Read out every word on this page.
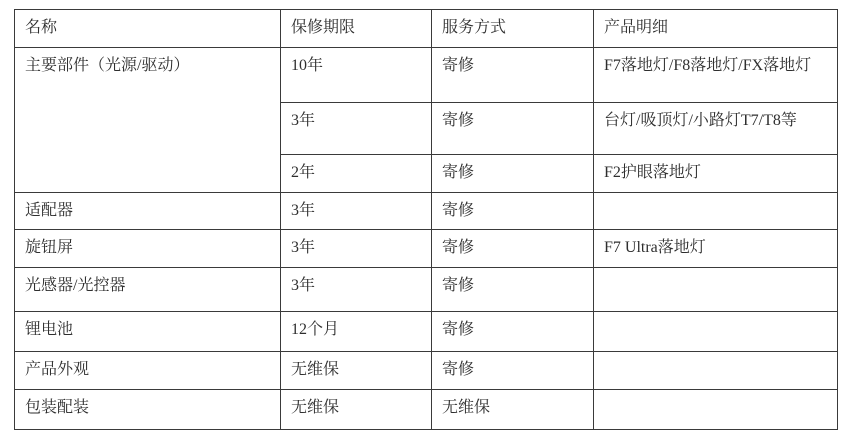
名称	保修期限	服务方式	产品明细
主要部件（光源/驱动）	10年	寄修	F7落地灯/F8落地灯/FX落地灯
	3年	寄修	台灯/吸顶灯/小路灯T7/T8等
	2年	寄修	F2护眼落地灯
适配器	3年	寄修	
旋钮屏	3年	寄修	F7 Ultra落地灯
光感器/光控器	3年	寄修	
锂电池	12个月	寄修	
产品外观	无维保	寄修	
包装配装	无维保	无维保	
